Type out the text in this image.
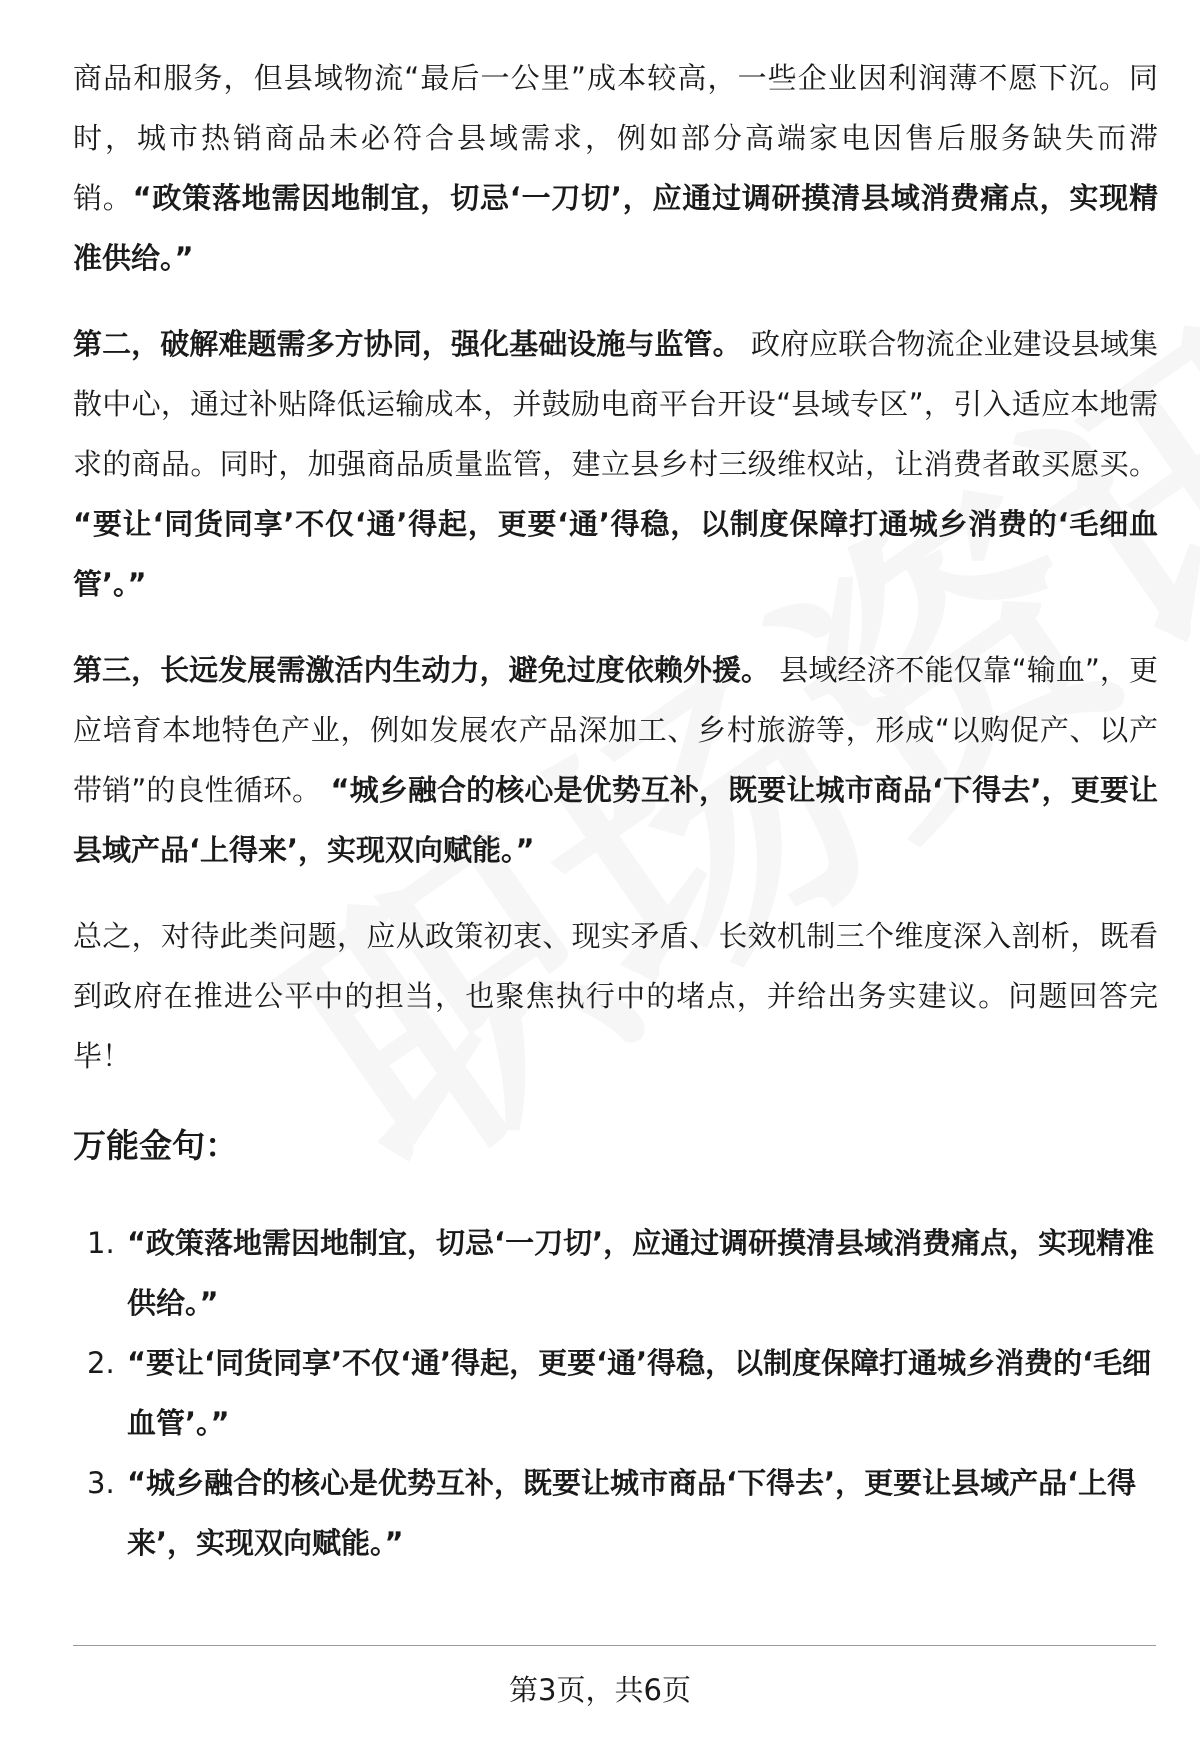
商品和服务，但县域物流“最后一公里”成本较高，一些企业因利润薄不愿下沉。同时，城市热销商品未必符合县域需求，例如部分高端家电因售后服务缺失而滞销。“政策落地需因地制宜，切忌‘一刀切’，应通过调研摸清县域消费痛点，实现精准供给。”

第二，破解难题需多方协同，强化基础设施与监管。 政府应联合物流企业建设县域集散中心，通过补贴降低运输成本，并鼓励电商平台开设“县域专区”，引入适应本地需求的商品。同时，加强商品质量监管，建立县乡村三级维权站，让消费者敢买愿买。 “要让‘同货同享’不仅‘通’得起，更要‘通’得稳，以制度保障打通城乡消费的‘毛细血管’。”

第三，长远发展需激活内生动力，避免过度依赖外援。 县域经济不能仅靠“输血”，更应培育本地特色产业，例如发展农产品深加工、乡村旅游等，形成“以购促产、以产带销”的良性循环。 “城乡融合的核心是优势互补，既要让城市商品‘下得去’，更要让县域产品‘上得来’，实现双向赋能。”

总之，对待此类问题，应从政策初衷、现实矛盾、长效机制三个维度深入剖析，既看到政府在推进公平中的担当，也聚焦执行中的堵点，并给出务实建议。问题回答完毕！

万能金句：
1. “政策落地需因地制宜，切忌‘一刀切’，应通过调研摸清县域消费痛点，实现精准供给。”
2. “要让‘同货同享’不仅‘通’得起，更要‘通’得稳，以制度保障打通城乡消费的‘毛细血管’。”
3. “城乡融合的核心是优势互补，既要让城市商品‘下得去’，更要让县域产品‘上得来’，实现双向赋能。”
第3页，共6页
